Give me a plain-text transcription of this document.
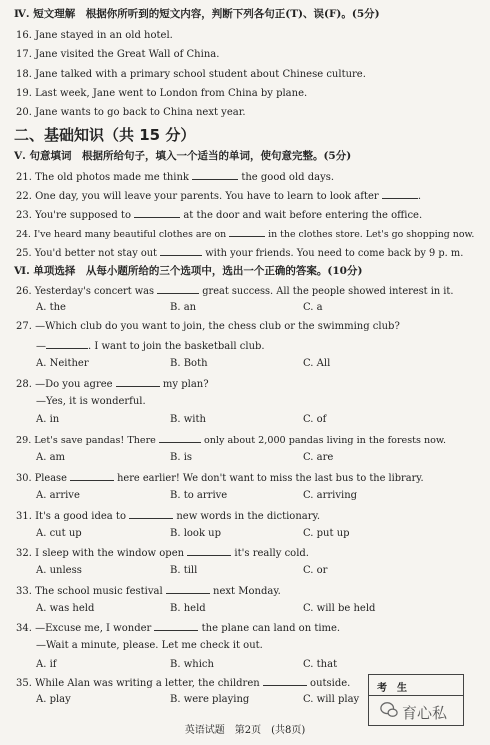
Ⅳ. 短文理解　根据你所听到的短文内容，判断下列各句正(T)、误(F)。(5分)
16. Jane stayed in an old hotel.
17. Jane visited the Great Wall of China.
18. Jane talked with a primary school student about Chinese culture.
19. Last week, Jane went to London from China by plane.
20. Jane wants to go back to China next year.
二、基础知识（共 15 分）
Ⅴ. 句意填词　根据所给句子，填入一个适当的单词，使句意完整。(5分)
21. The old photos made me think	the good old days.
22. One day, you will leave your parents. You have to learn to look after	.
23. You're supposed to	at the door and wait before entering the office.
24. I've heard many beautiful clothes are on	in the clothes store. Let's go shopping now.
25. You'd better not stay out	with your friends. You need to come back by 9 p. m.
Ⅵ. 单项选择　从每小题所给的三个选项中，选出一个正确的答案。(10分)
26. Yesterday's concert was	great success. All the people showed interest in it.
A. the	B. an	C. a
27. —Which club do you want to join, the chess club or the swimming club?
—	. I want to join the basketball club.
A. Neither	B. Both	C. All
28. —Do you agree	my plan?
—Yes, it is wonderful.
A. in	B. with	C. of
29. Let's save pandas! There	only about 2,000 pandas living in the forests now.
A. am	B. is	C. are
30. Please	here earlier! We don't want to miss the last bus to the library.
A. arrive	B. to arrive	C. arriving
31. It's a good idea to	new words in the dictionary.
A. cut up	B. look up	C. put up
32. I sleep with the window open	it's really cold.
A. unless	B. till	C. or
33. The school music festival	next Monday.
A. was held	B. held	C. will be held
34. —Excuse me, I wonder	the plane can land on time.
—Wait a minute, please. Let me check it out.
A. if	B. which	C. that
35. While Alan was writing a letter, the children	outside.
A. play	B. were playing	C. will play
考生
育心私
英语试题　第2页　(共8页)
